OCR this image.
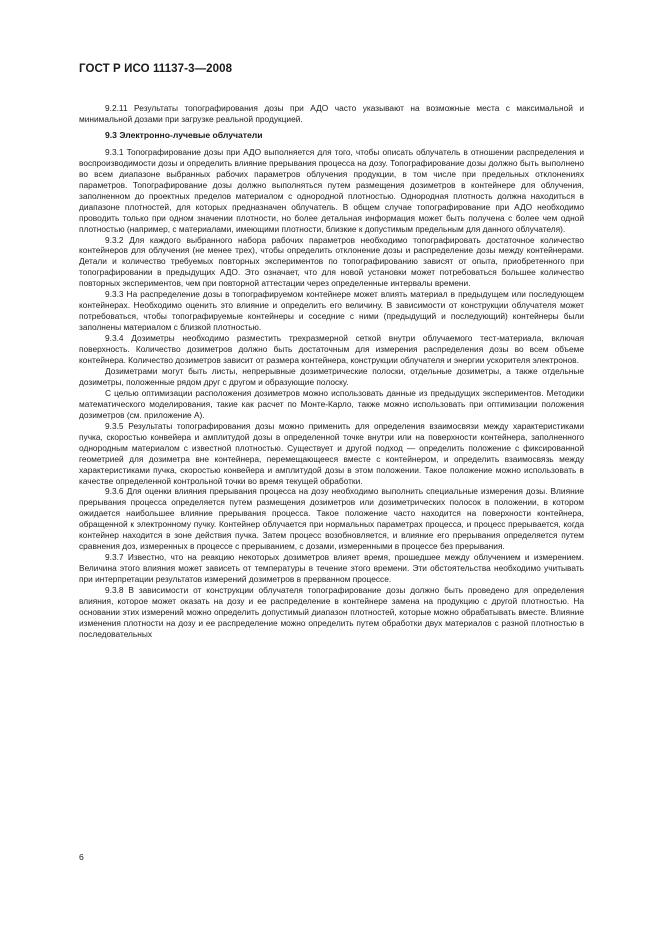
ГОСТ Р ИСО 11137-3—2008

9.2.11 Результаты топографирования дозы при АДО часто указывают на возможные места с максимальной и минимальной дозами при загрузке реальной продукцией.

9.3 Электронно-лучевые облучатели

9.3.1 Топографирование дозы при АДО выполняется для того, чтобы описать облучатель в отношении распределения и воспроизводимости дозы и определить влияние прерывания процесса на дозу. Топографирование дозы должно быть выполнено во всем диапазоне выбранных рабочих параметров облучения продукции, в том числе при предельных отклонениях параметров. Топографирование дозы должно выполняться путем размещения дозиметров в контейнере для облучения, заполненном до проектных пределов материалом с однородной плотностью. Однородная плотность должна находиться в диапазоне плотностей, для которых предназначен облучатель. В общем случае топографирование при АДО необходимо проводить только при одном значении плотности, но более детальная информация может быть получена с более чем одной плотностью (например, с материалами, имеющими плотности, близкие к допустимым предельным для данного облучателя).

9.3.2 Для каждого выбранного набора рабочих параметров необходимо топографировать достаточное количество контейнеров для облучения (не менее трех), чтобы определить отклонение дозы и распределение дозы между контейнерами. Детали и количество требуемых повторных экспериментов по топографированию зависят от опыта, приобретенного при топографировании в предыдущих АДО. Это означает, что для новой установки может потребоваться большее количество повторных экспериментов, чем при повторной аттестации через определенные интервалы времени.

9.3.3 На распределение дозы в топографируемом контейнере может влиять материал в предыдущем или последующем контейнерах. Необходимо оценить это влияние и определить его величину. В зависимости от конструкции облучателя может потребоваться, чтобы топографируемые контейнеры и соседние с ними (предыдущий и последующий) контейнеры были заполнены материалом с близкой плотностью.

9.3.4 Дозиметры необходимо разместить трехразмерной сеткой внутри облучаемого тест-материала, включая поверхность. Количество дозиметров должно быть достаточным для измерения распределения дозы во всем объеме контейнера. Количество дозиметров зависит от размера контейнера, конструкции облучателя и энергии ускорителя электронов.

Дозиметрами могут быть листы, непрерывные дозиметрические полоски, отдельные дозиметры, а также отдельные дозиметры, положенные рядом друг с другом и образующие полоску.

С целью оптимизации расположения дозиметров можно использовать данные из предыдущих экспериментов. Методики математического моделирования, такие как расчет по Монте-Карло, также можно использовать при оптимизации положения дозиметров (см. приложение А).

9.3.5 Результаты топографирования дозы можно применить для определения взаимосвязи между характеристиками пучка, скоростью конвейера и амплитудой дозы в определенной точке внутри или на поверхности контейнера, заполненного однородным материалом с известной плотностью. Существует и другой подход — определить положение с фиксированной геометрией для дозиметра вне контейнера, перемещающееся вместе с контейнером, и определить взаимосвязь между характеристиками пучка, скоростью конвейера и амплитудой дозы в этом положении. Такое положение можно использовать в качестве определенной контрольной точки во время текущей обработки.

9.3.6 Для оценки влияния прерывания процесса на дозу необходимо выполнить специальные измерения дозы. Влияние прерывания процесса определяется путем размещения дозиметров или дозиметрических полосок в положении, в котором ожидается наибольшее влияние прерывания процесса. Такое положение часто находится на поверхности контейнера, обращенной к электронному пучку. Контейнер облучается при нормальных параметрах процесса, и процесс прерывается, когда контейнер находится в зоне действия пучка. Затем процесс возобновляется, и влияние его прерывания определяется путем сравнения доз, измеренных в процессе с прерыванием, с дозами, измеренными в процессе без прерывания.

9.3.7 Известно, что на реакцию некоторых дозиметров влияет время, прошедшее между облучением и измерением. Величина этого влияния может зависеть от температуры в течение этого времени. Эти обстоятельства необходимо учитывать при интерпретации результатов измерений дозиметров в прерванном процессе.

9.3.8 В зависимости от конструкции облучателя топографирование дозы должно быть проведено для определения влияния, которое может оказать на дозу и ее распределение в контейнере замена на продукцию с другой плотностью. На основании этих измерений можно определить допустимый диапазон плотностей, которые можно обрабатывать вместе. Влияние изменения плотности на дозу и ее распределение можно определить путем обработки двух материалов с разной плотностью в последовательных

6
